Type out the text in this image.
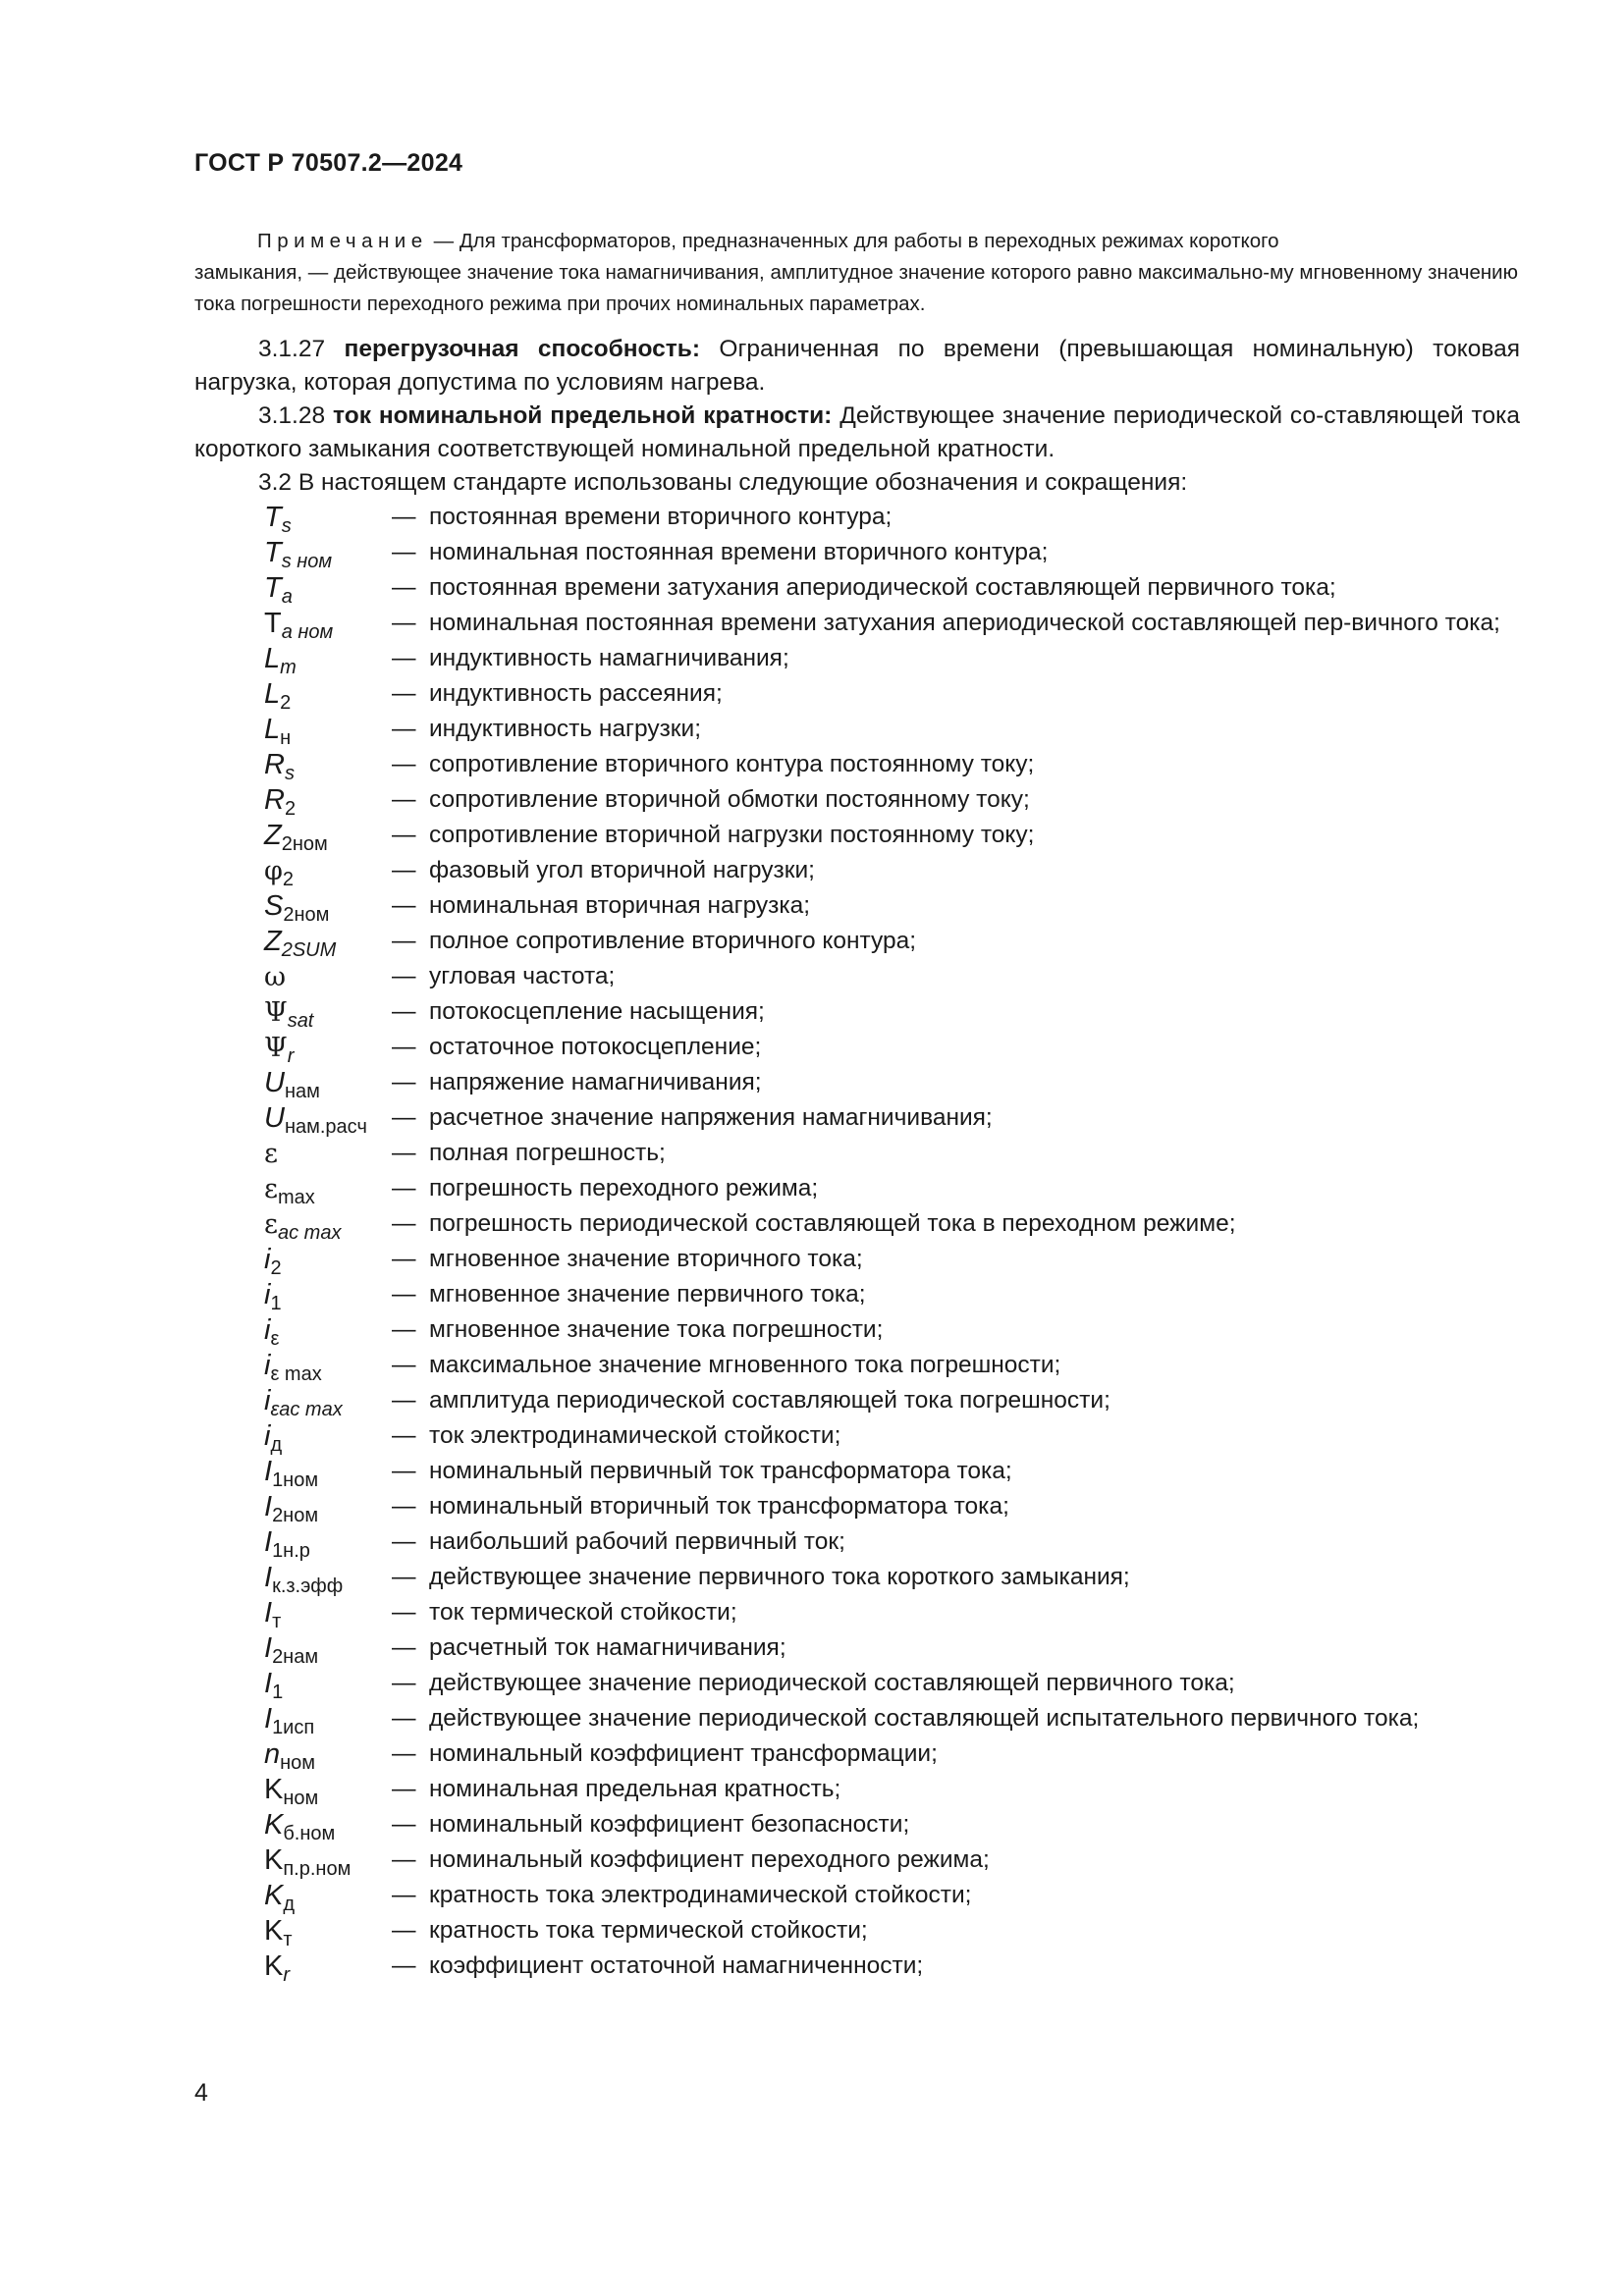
ГОСТ Р 70507.2—2024
Примечание — Для трансформаторов, предназначенных для работы в переходных режимах короткого
замыкания, — действующее значение тока намагничивания, амплитудное значение которого равно максимально-му мгновенному значению тока погрешности переходного режима при прочих номинальных параметрах.
3.1.27 перегрузочная способность: Ограниченная по времени (превышающая номинальную) токовая нагрузка, которая допустима по условиям нагрева.
3.1.28 ток номинальной предельной кратности: Действующее значение периодической со-ставляющей тока короткого замыкания соответствующей номинальной предельной кратности.
3.2 В настоящем стандарте использованы следующие обозначения и сокращения:
$T_s$	— постоянная времени вторичного контура;
$T_{s ном}$	— номинальная постоянная времени вторичного контура;
$T_a$	— постоянная времени затухания апериодической составляющей первичного тока;
$T_{a ном}$	— номинальная постоянная времени затухания апериодической составляющей пер-вичного тока;
$L_m$	— индуктивность намагничивания;
$L_2$	— индуктивность рассеяния;
$L_н$	— индуктивность нагрузки;
$R_s$	— сопротивление вторичного контура постоянному току;
$R_2$	— сопротивление вторичной обмотки постоянному току;
$Z_{2ном}$	— сопротивление вторичной нагрузки постоянному току;
$\varphi_2$	— фазовый угол вторичной нагрузки;
$S_{2ном}$	— номинальная вторичная нагрузка;
$Z_{2SUM}$	— полное сопротивление вторичного контура;
ω	— угловая частота;
$\Psi_{sat}$	— потокосцепление насыщения;
$\Psi_r$	— остаточное потокосцепление;
$U_{нам}$	— напряжение намагничивания;
$U_{нам.расч}$	— расчетное значение напряжения намагничивания;
ε	— полная погрешность;
$\varepsilon_{max}$	— погрешность переходного режима;
$\varepsilon_{ac max}$	— погрешность периодической составляющей тока в переходном режиме;
$i_2$	— мгновенное значение вторичного тока;
$i_1$	— мгновенное значение первичного тока;
$i_\varepsilon$	— мгновенное значение тока погрешности;
$i_{\varepsilon max}$	— максимальное значение мгновенного тока погрешности;
$i_{\varepsilon ac max}$	— амплитуда периодической составляющей тока погрешности;
$i_д$	— ток электродинамической стойкости;
$I_{1ном}$	— номинальный первичный ток трансформатора тока;
$I_{2ном}$	— номинальный вторичный ток трансформатора тока;
$I_{1н.р}$	— наибольший рабочий первичный ток;
$I_{к.з.эфф}$	— действующее значение первичного тока короткого замыкания;
$I_т$	— ток термической стойкости;
$I_{2нам}$	— расчетный ток намагничивания;
$I_1$	— действующее значение периодической составляющей первичного тока;
$I_{1исп}$	— действующее значение периодической составляющей испытательного первичного тока;
$n_{ном}$	— номинальный коэффициент трансформации;
$K_{ном}$	— номинальная предельная кратность;
$K_{б.ном}$	— номинальный коэффициент безопасности;
$K_{п.р.ном}$	— номинальный коэффициент переходного режима;
$K_д$	— кратность тока электродинамической стойкости;
$K_т$	— кратность тока термической стойкости;
$K_r$	— коэффициент остаточной намагниченности;
4
